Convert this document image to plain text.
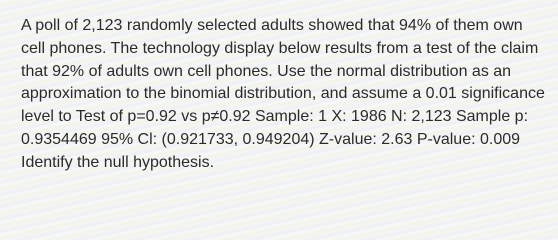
A poll of 2,123 randomly selected adults showed that 94% of them own cell phones. The technology display below results from a test of the claim that 92% of adults own cell phones. Use the normal distribution as an approximation to the binomial distribution, and assume a 0.01 significance level to Test of p=0.92 vs p≠0.92 Sample: 1 X: 1986 N: 2,123 Sample p: 0.9354469 95% Cl: (0.921733, 0.949204) Z-value: 2.63 P-value: 0.009 Identify the null hypothesis.
